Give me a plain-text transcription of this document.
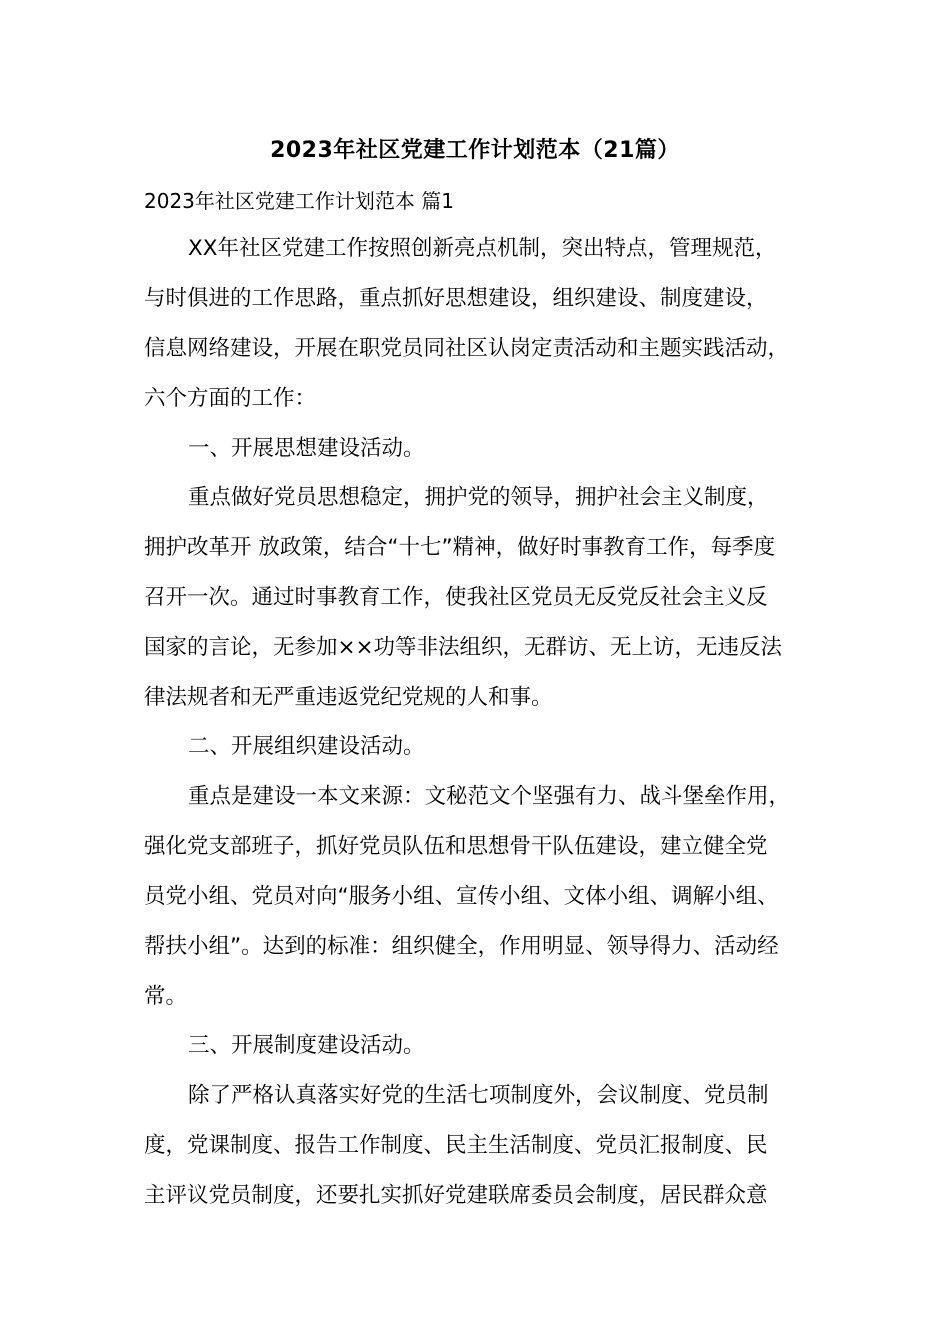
2023年社区党建工作计划范本（21篇）
2023年社区党建工作计划范本 篇1
XX年社区党建工作按照创新亮点机制，突出特点，管理规范，
与时俱进的工作思路，重点抓好思想建设，组织建设、制度建设，
信息网络建设，开展在职党员同社区认岗定责活动和主题实践活动，
六个方面的工作：
一、开展思想建设活动。
重点做好党员思想稳定，拥护党的领导，拥护社会主义制度，
拥护改革开 放政策，结合“十七”精神，做好时事教育工作，每季度
召开一次。通过时事教育工作，使我社区党员无反党反社会主义反
国家的言论，无参加××功等非法组织，无群访、无上访，无违反法
律法规者和无严重违返党纪党规的人和事。
二、开展组织建设活动。
重点是建设一本文来源：文秘范文个坚强有力、战斗堡垒作用，
强化党支部班子，抓好党员队伍和思想骨干队伍建设，建立健全党
员党小组、党员对向“服务小组、宣传小组、文体小组、调解小组、
帮扶小组”。达到的标准：组织健全，作用明显、领导得力、活动经
常。
三、开展制度建设活动。
除了严格认真落实好党的生活七项制度外，会议制度、党员制
度，党课制度、报告工作制度、民主生活制度、党员汇报制度、民
主评议党员制度，还要扎实抓好党建联席委员会制度，居民群众意
